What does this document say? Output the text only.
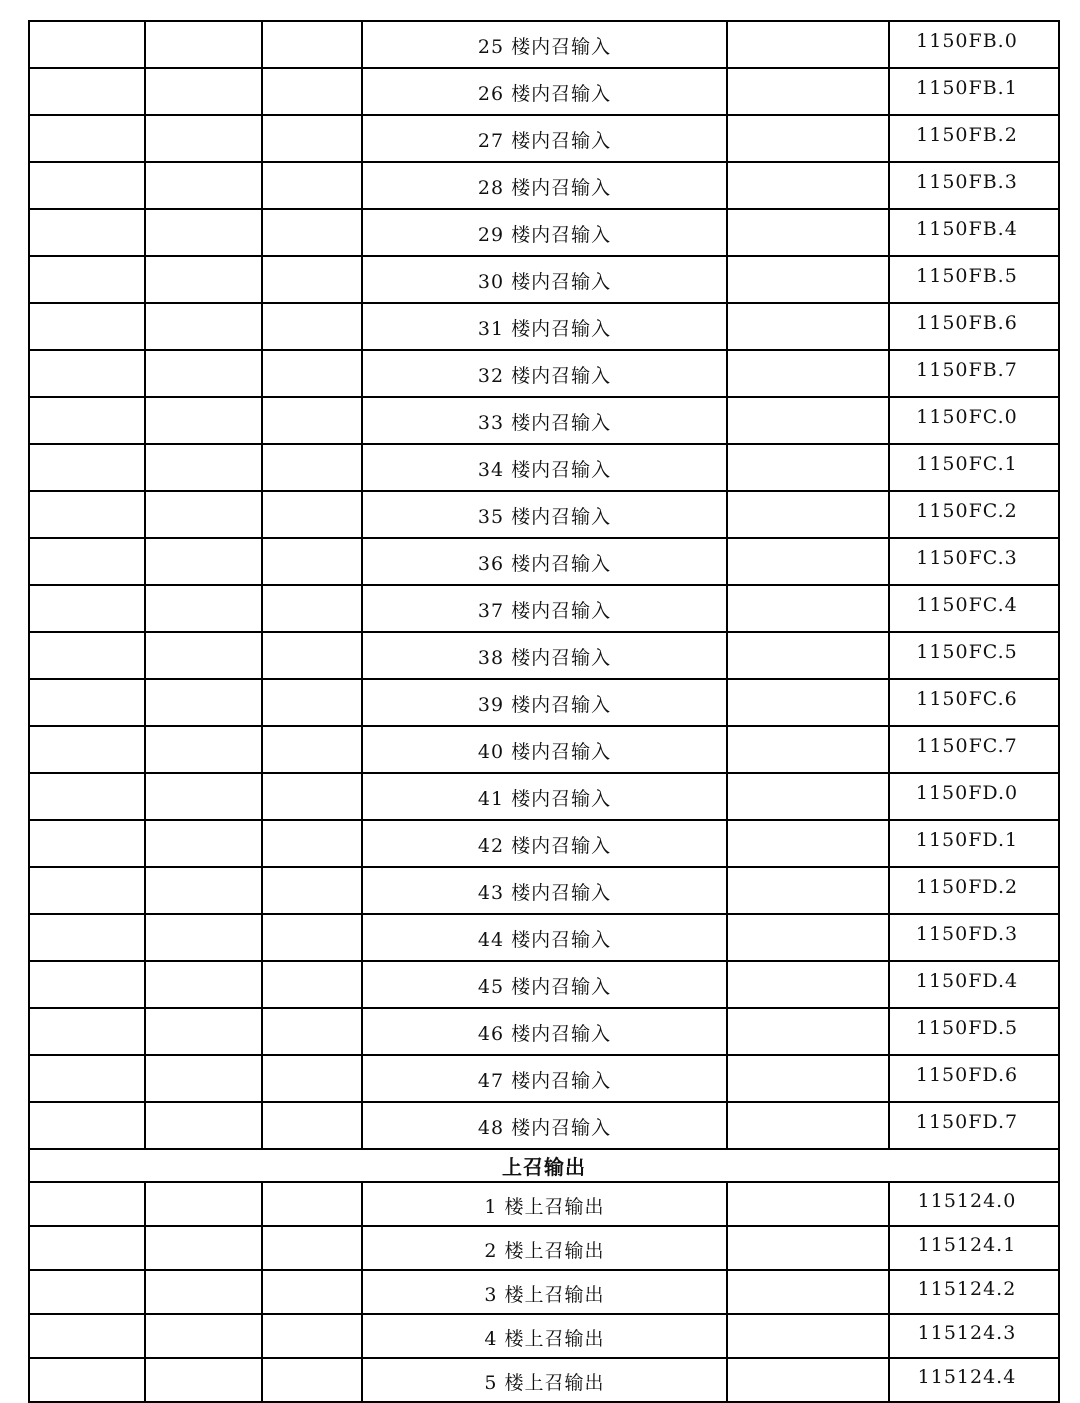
			25 楼内召输入		1150FB.0
			26 楼内召输入		1150FB.1
			27 楼内召输入		1150FB.2
			28 楼内召输入		1150FB.3
			29 楼内召输入		1150FB.4
			30 楼内召输入		1150FB.5
			31 楼内召输入		1150FB.6
			32 楼内召输入		1150FB.7
			33 楼内召输入		1150FC.0
			34 楼内召输入		1150FC.1
			35 楼内召输入		1150FC.2
			36 楼内召输入		1150FC.3
			37 楼内召输入		1150FC.4
			38 楼内召输入		1150FC.5
			39 楼内召输入		1150FC.6
			40 楼内召输入		1150FC.7
			41 楼内召输入		1150FD.0
			42 楼内召输入		1150FD.1
			43 楼内召输入		1150FD.2
			44 楼内召输入		1150FD.3
			45 楼内召输入		1150FD.4
			46 楼内召输入		1150FD.5
			47 楼内召输入		1150FD.6
			48 楼内召输入		1150FD.7
上召输出					
			1 楼上召输出		115124.0
			2 楼上召输出		115124.1
			3 楼上召输出		115124.2
			4 楼上召输出		115124.3
			5 楼上召输出		115124.4
